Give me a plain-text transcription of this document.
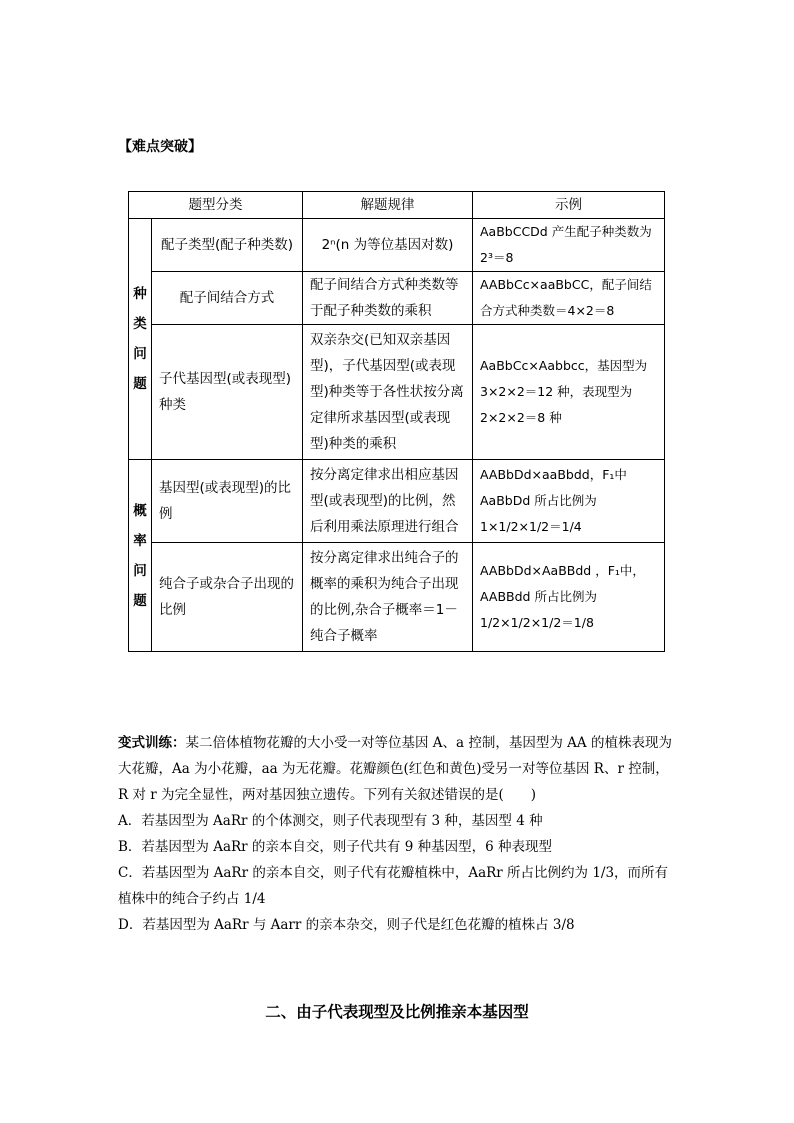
【难点突破】
题型分类		解题规律	示例

种
类
问
题	配子类型(配子种类数)	2ⁿ(n 为等位基因对数)	AaBbCCDd 产生配子种类数为 2³＝8
	配子间结合方式	配子间结合方式种类数等于配子种类数的乘积	AABbCc×aaBbCC，配子间结合方式种类数＝4×2＝8
	子代基因型(或表现型)种类	双亲杂交(已知双亲基因型)，子代基因型(或表现型)种类等于各性状按分离定律所求基因型(或表现型)种类的乘积	AaBbCc×Aabbcc，基因型为 3×2×2＝12 种，表现型为 2×2×2＝8 种

概
率
问
题	基因型(或表现型)的比例	按分离定律求出相应基因型(或表现型)的比例，然后利用乘法原理进行组合	AABbDd×aaBbdd，F₁中AaBbDd 所占比例为 1×1/2×1/2＝1/4
	纯合子或杂合子出现的比例	按分离定律求出纯合子的概率的乘积为纯合子出现的比例,杂合子概率＝1－纯合子概率	AABbDd×AaBBdd ，F₁中，AABBdd 所占比例为 1/2×1/2×1/2＝1/8

变式训练：某二倍体植物花瓣的大小受一对等位基因 A、a 控制，基因型为 AA 的植株表现为大花瓣，Aa 为小花瓣，aa 为无花瓣。花瓣颜色(红色和黄色)受另一对等位基因 R、r 控制，R 对 r 为完全显性，两对基因独立遗传。下列有关叙述错误的是(　　)

A．若基因型为 AaRr 的个体测交，则子代表现型有 3 种，基因型 4 种

B．若基因型为 AaRr 的亲本自交，则子代共有 9 种基因型，6 种表现型

C．若基因型为 AaRr 的亲本自交，则子代有花瓣植株中，AaRr 所占比例约为 1/3，而所有植株中的纯合子约占 1/4

D．若基因型为 AaRr 与 Aarr 的亲本杂交，则子代是红色花瓣的植株占 3/8

二、由子代表现型及比例推亲本基因型
